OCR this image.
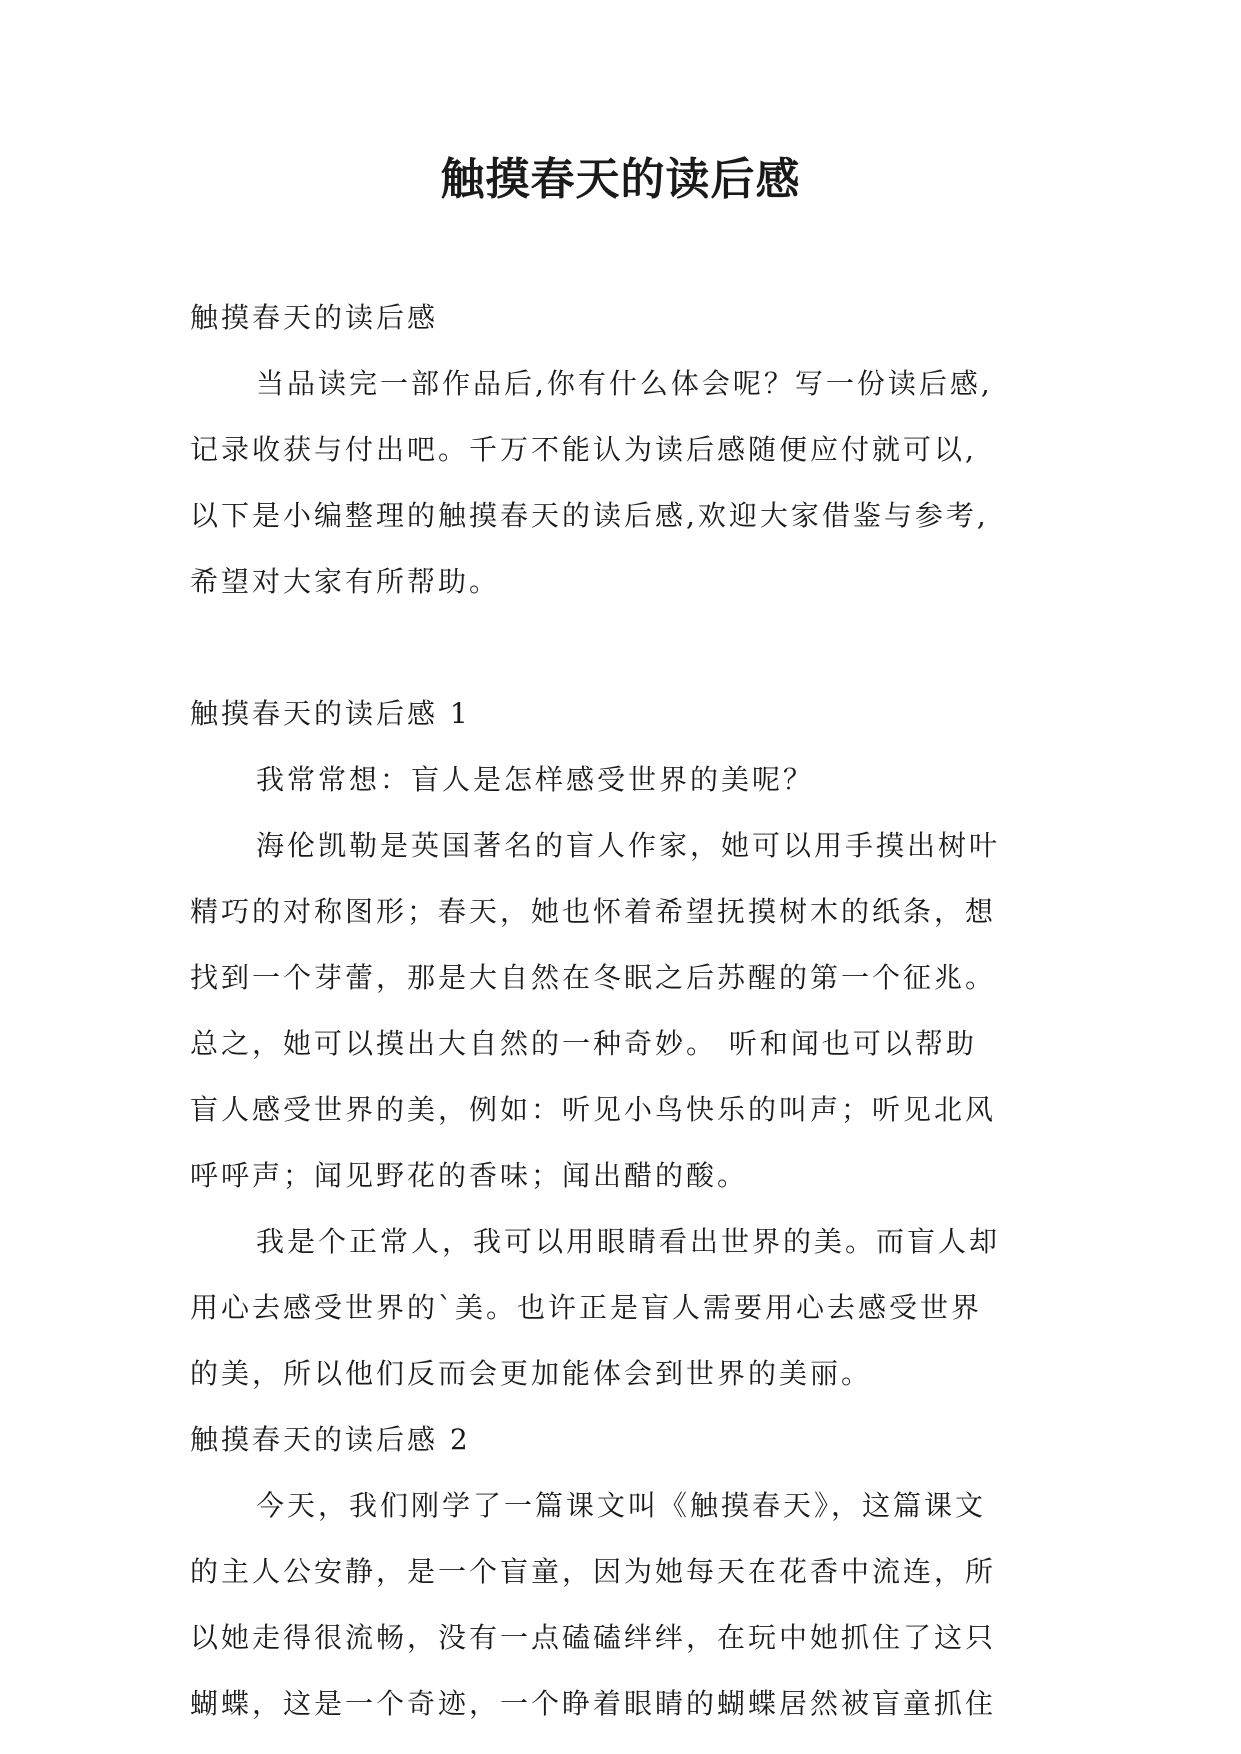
触摸春天的读后感
触摸春天的读后感
当品读完一部作品后,你有什么体会呢？写一份读后感,
记录收获与付出吧。千万不能认为读后感随便应付就可以,
以下是小编整理的触摸春天的读后感,欢迎大家借鉴与参考,
希望对大家有所帮助。
触摸春天的读后感 1
我常常想：盲人是怎样感受世界的美呢？
海伦凯勒是英国著名的盲人作家，她可以用手摸出树叶
精巧的对称图形；春天，她也怀着希望抚摸树木的纸条，想
找到一个芽蕾，那是大自然在冬眠之后苏醒的第一个征兆。
总之，她可以摸出大自然的一种奇妙。 听和闻也可以帮助
盲人感受世界的美，例如：听见小鸟快乐的叫声；听见北风
呼呼声；闻见野花的香味；闻出醋的酸。
我是个正常人，我可以用眼睛看出世界的美。而盲人却
用心去感受世界的`美。也许正是盲人需要用心去感受世界
的美，所以他们反而会更加能体会到世界的美丽。
触摸春天的读后感 2
今天，我们刚学了一篇课文叫《触摸春天》，这篇课文
的主人公安静，是一个盲童，因为她每天在花香中流连，所
以她走得很流畅，没有一点磕磕绊绊，在玩中她抓住了这只
蝴蝶，这是一个奇迹，一个睁着眼睛的蝴蝶居然被盲童抓住
